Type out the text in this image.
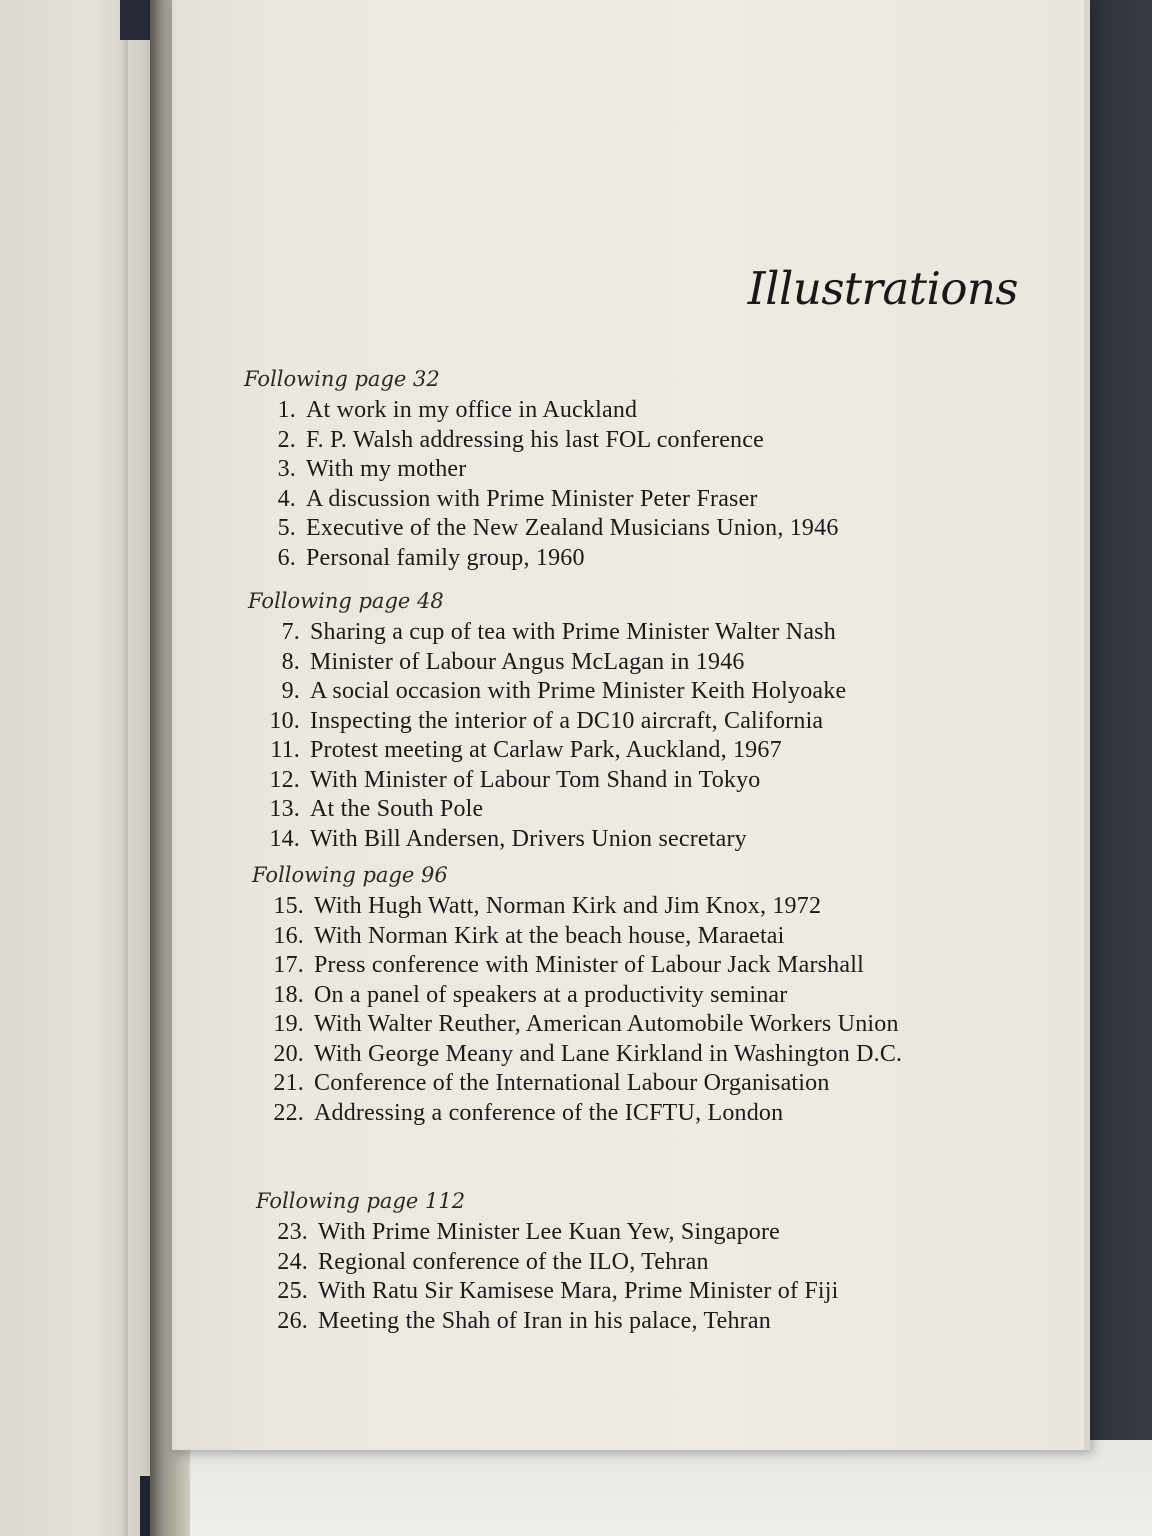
Illustrations
Following page 32
1. At work in my office in Auckland
2. F. P. Walsh addressing his last FOL conference
3. With my mother
4. A discussion with Prime Minister Peter Fraser
5. Executive of the New Zealand Musicians Union, 1946
6. Personal family group, 1960
Following page 48
7. Sharing a cup of tea with Prime Minister Walter Nash
8. Minister of Labour Angus McLagan in 1946
9. A social occasion with Prime Minister Keith Holyoake
10. Inspecting the interior of a DC10 aircraft, California
11. Protest meeting at Carlaw Park, Auckland, 1967
12. With Minister of Labour Tom Shand in Tokyo
13. At the South Pole
14. With Bill Andersen, Drivers Union secretary
Following page 96
15. With Hugh Watt, Norman Kirk and Jim Knox, 1972
16. With Norman Kirk at the beach house, Maraetai
17. Press conference with Minister of Labour Jack Marshall
18. On a panel of speakers at a productivity seminar
19. With Walter Reuther, American Automobile Workers Union
20. With George Meany and Lane Kirkland in Washington D.C.
21. Conference of the International Labour Organisation
22. Addressing a conference of the ICFTU, London
Following page 112
23. With Prime Minister Lee Kuan Yew, Singapore
24. Regional conference of the ILO, Tehran
25. With Ratu Sir Kamisese Mara, Prime Minister of Fiji
26. Meeting the Shah of Iran in his palace, Tehran
